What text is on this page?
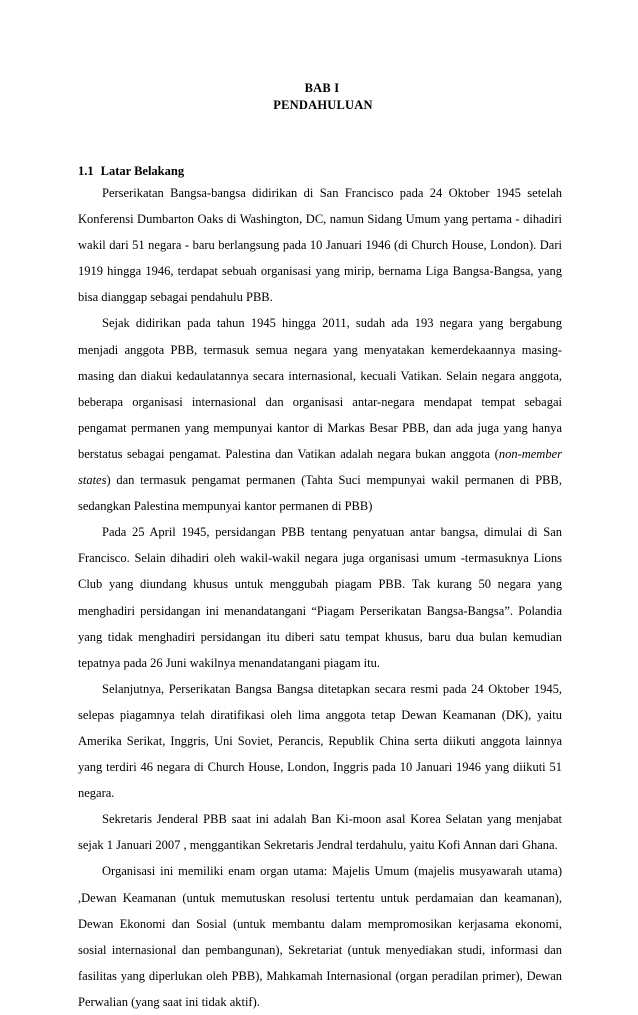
BAB I
PENDAHULUAN
1.1 Latar Belakang

Perserikatan Bangsa-bangsa didirikan di San Francisco pada 24 Oktober 1945 setelah Konferensi Dumbarton Oaks di Washington, DC, namun Sidang Umum yang pertama - dihadiri wakil dari 51 negara - baru berlangsung pada 10 Januari 1946 (di Church House, London). Dari 1919 hingga 1946, terdapat sebuah organisasi yang mirip, bernama Liga Bangsa-Bangsa, yang bisa dianggap sebagai pendahulu PBB.

Sejak didirikan pada tahun 1945 hingga 2011, sudah ada 193 negara yang bergabung menjadi anggota PBB, termasuk semua negara yang menyatakan kemerdekaannya masing-masing dan diakui kedaulatannya secara internasional, kecuali Vatikan. Selain negara anggota, beberapa organisasi internasional dan organisasi antar-negara mendapat tempat sebagai pengamat permanen yang mempunyai kantor di Markas Besar PBB, dan ada juga yang hanya berstatus sebagai pengamat. Palestina dan Vatikan adalah negara bukan anggota (non-member states) dan termasuk pengamat permanen (Tahta Suci mempunyai wakil permanen di PBB, sedangkan Palestina mempunyai kantor permanen di PBB)

Pada 25 April 1945, persidangan PBB tentang penyatuan antar bangsa, dimulai di San Francisco. Selain dihadiri oleh wakil-wakil negara juga organisasi umum -termasuknya Lions Club yang diundang khusus untuk menggubah piagam PBB. Tak kurang 50 negara yang menghadiri persidangan ini menandatangani “Piagam Perserikatan Bangsa-Bangsa”. Polandia yang tidak menghadiri persidangan itu diberi satu tempat khusus, baru dua bulan kemudian tepatnya pada 26 Juni wakilnya menandatangani piagam itu.

Selanjutnya, Perserikatan Bangsa Bangsa ditetapkan secara resmi pada 24 Oktober 1945, selepas piagamnya telah diratifikasi oleh lima anggota tetap Dewan Keamanan (DK), yaitu Amerika Serikat, Inggris, Uni Soviet, Perancis, Republik China serta diikuti anggota lainnya yang terdiri 46 negara di Church House, London, Inggris pada 10 Januari 1946 yang diikuti 51 negara.

Sekretaris Jenderal PBB saat ini adalah Ban Ki-moon asal Korea Selatan yang menjabat sejak 1 Januari 2007 , menggantikan Sekretaris Jendral terdahulu, yaitu Kofi Annan dari Ghana.

Organisasi ini memiliki enam organ utama: Majelis Umum (majelis musyawarah utama) ,Dewan Keamanan (untuk memutuskan resolusi tertentu untuk perdamaian dan keamanan), Dewan Ekonomi dan Sosial (untuk membantu dalam mempromosikan kerjasama ekonomi, sosial internasional dan pembangunan), Sekretariat (untuk menyediakan studi, informasi dan fasilitas yang diperlukan oleh PBB), Mahkamah Internasional (organ peradilan primer), Dewan Perwalian (yang saat ini tidak aktif).
